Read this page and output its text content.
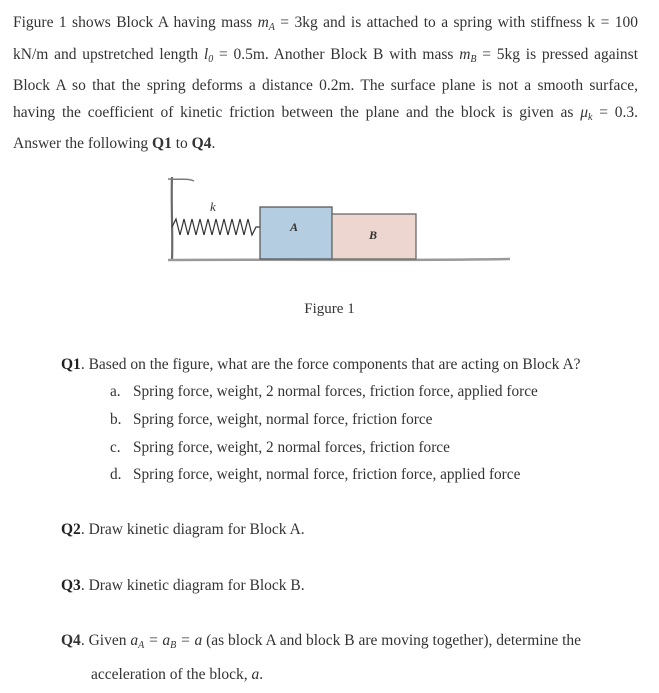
Figure 1 shows Block A having mass $m_A = 3kg$ and is attached to a spring with stiffness k = 100 kN/m and upstretched length $l_0 = 0.5m$. Another Block B with mass $m_B = 5kg$ is pressed against Block A so that the spring deforms a distance 0.2m. The surface plane is not a smooth surface, having the coefficient of kinetic friction between the plane and the block is given as $\mu_k = 0.3$. Answer the following Q1 to Q4.

k
A
B
Figure 1
Q1. Based on the figure, what are the force components that are acting on Block A?
a. Spring force, weight, 2 normal forces, friction force, applied force
b. Spring force, weight, normal force, friction force
c. Spring force, weight, 2 normal forces, friction force
d. Spring force, weight, normal force, friction force, applied force
Q2. Draw kinetic diagram for Block A.
Q3. Draw kinetic diagram for Block B.

Q4. Given $a_A = a_B = a$ (as block A and block B are moving together), determine the
acceleration of the block, a.
